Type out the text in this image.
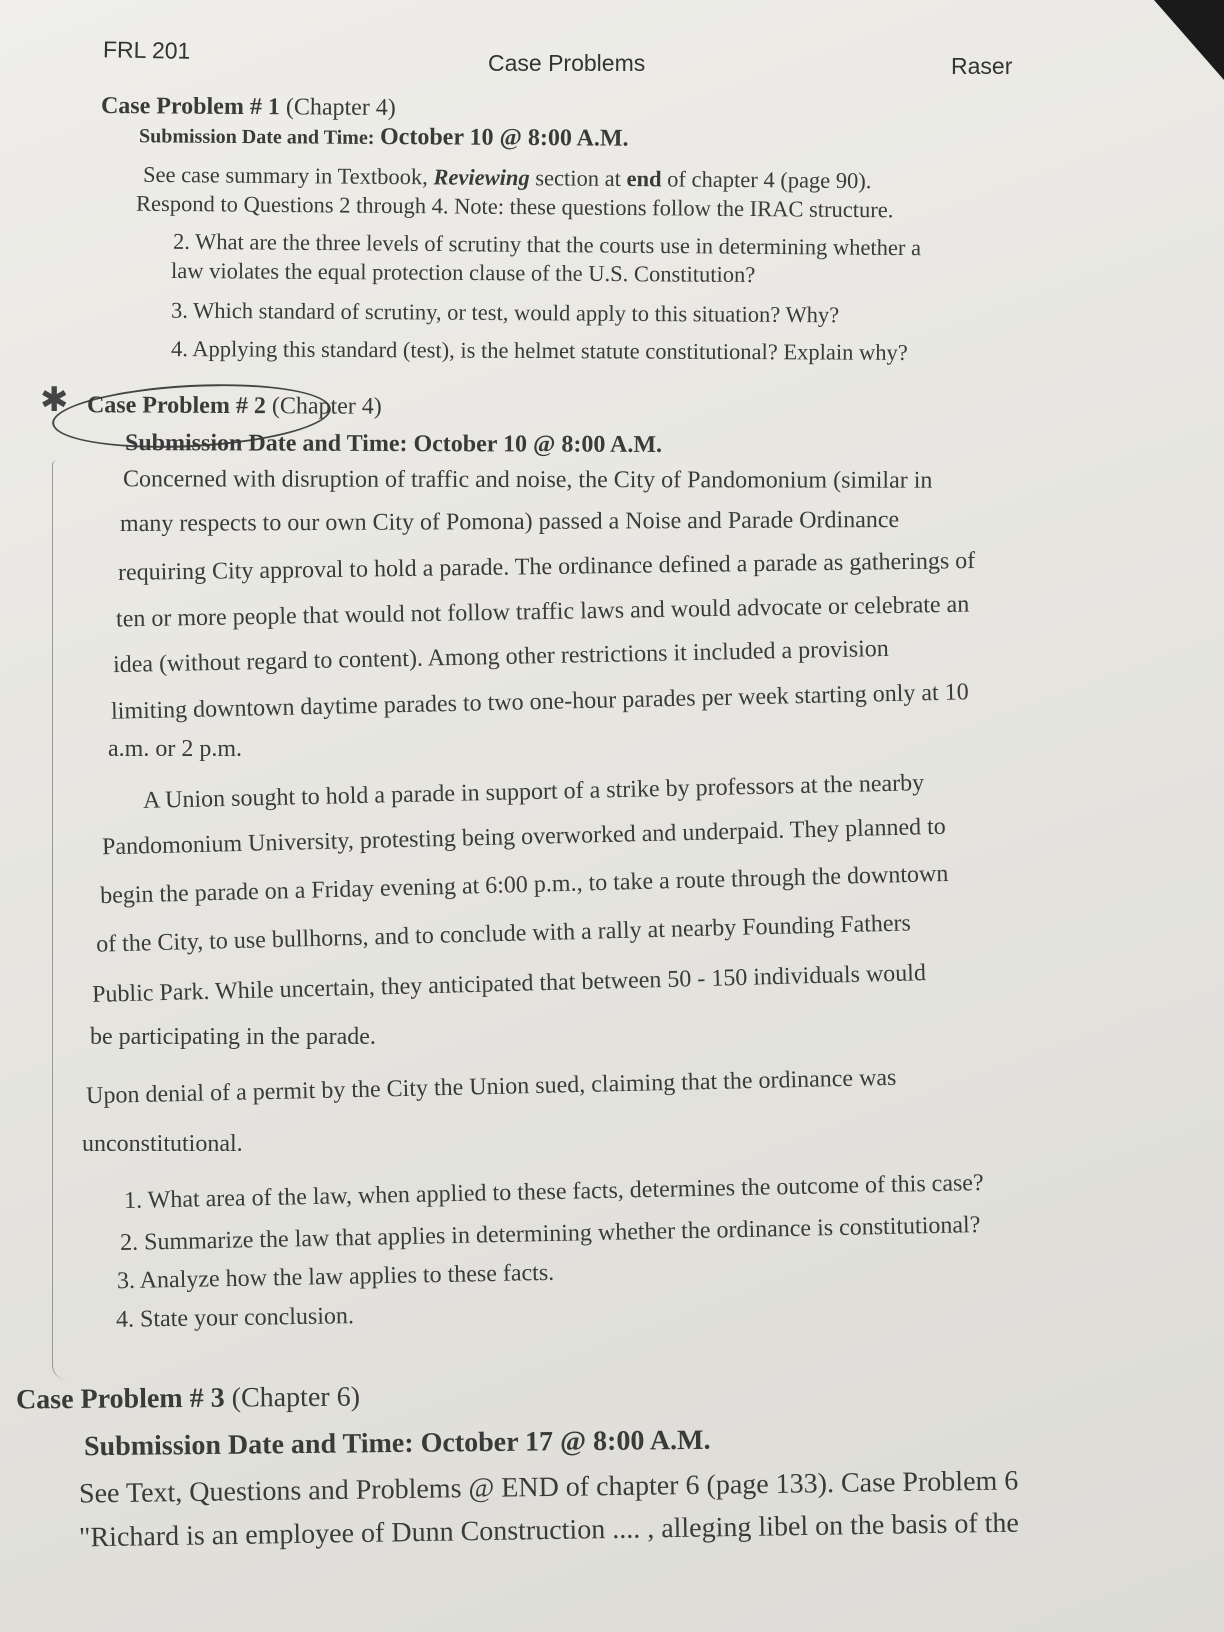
FRL 201	Case Problems	Raser
Case Problem # 1 (Chapter 4)
Submission Date and Time: October 10 @ 8:00 A.M.
See case summary in Textbook, Reviewing section at end of chapter 4 (page 90).
Respond to Questions 2 through 4. Note: these questions follow the IRAC structure.
2. What are the three levels of scrutiny that the courts use in determining whether a
law violates the equal protection clause of the U.S. Constitution?
3. Which standard of scrutiny, or test, would apply to this situation? Why?
4. Applying this standard (test), is the helmet statute constitutional? Explain why?
✱ Case Problem # 2 (Chapter 4)
Submission Date and Time: October 10 @ 8:00 A.M.
Concerned with disruption of traffic and noise, the City of Pandomonium (similar in
many respects to our own City of Pomona) passed a Noise and Parade Ordinance
requiring City approval to hold a parade. The ordinance defined a parade as gatherings of
ten or more people that would not follow traffic laws and would advocate or celebrate an
idea (without regard to content). Among other restrictions it included a provision
limiting downtown daytime parades to two one-hour parades per week starting only at 10
a.m. or 2 p.m.
A Union sought to hold a parade in support of a strike by professors at the nearby
Pandomonium University, protesting being overworked and underpaid. They planned to
begin the parade on a Friday evening at 6:00 p.m., to take a route through the downtown
of the City, to use bullhorns, and to conclude with a rally at nearby Founding Fathers
Public Park. While uncertain, they anticipated that between 50 - 150 individuals would
be participating in the parade.
Upon denial of a permit by the City the Union sued, claiming that the ordinance was
unconstitutional.
1. What area of the law, when applied to these facts, determines the outcome of this case?
2. Summarize the law that applies in determining whether the ordinance is constitutional?
3. Analyze how the law applies to these facts.
4. State your conclusion.
Case Problem # 3 (Chapter 6)
Submission Date and Time: October 17 @ 8:00 A.M.
See Text, Questions and Problems @ END of chapter 6 (page 133). Case Problem 6
"Richard is an employee of Dunn Construction .... , alleging libel on the basis of the
